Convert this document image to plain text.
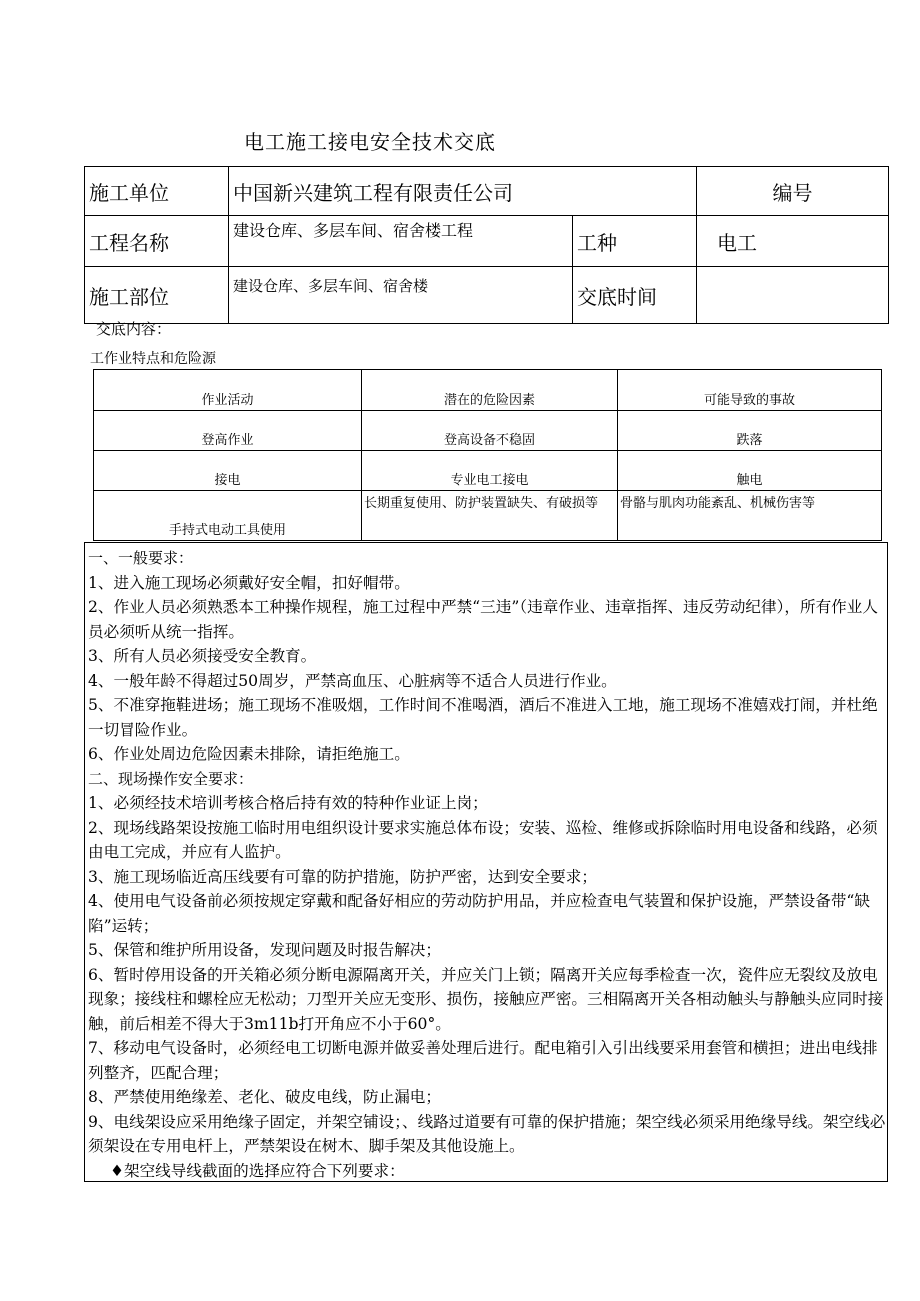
电工施工接电安全技术交底
施工单位	中国新兴建筑工程有限责任公司		编号
工程名称	建设仓库、多层车间、宿舍楼工程	工种	电工
施工部位	建设仓库、多层车间、宿舍楼	交底时间	
交底内容：
工作业特点和危险源
作业活动	潜在的危险因素	可能导致的事故
登高作业	登高设备不稳固	跌落
接电	专业电工接电	触电
手持式电动工具使用	长期重复使用、防护装置缺失、有破损等	骨骼与肌肉功能紊乱、机械伤害等

一、一般要求：

1、进入施工现场必须戴好安全帽，扣好帽带。

2、作业人员必须熟悉本工种操作规程，施工过程中严禁“三违”（违章作业、违章指挥、违反劳动纪律），所有作业人员必须听从统一指挥。

3、所有人员必须接受安全教育。

4、一般年龄不得超过50周岁，严禁高血压、心脏病等不适合人员进行作业。

5、不准穿拖鞋进场；施工现场不准吸烟，工作时间不准喝酒，酒后不准进入工地，施工现场不准嬉戏打闹，并杜绝一切冒险作业。

6、作业处周边危险因素未排除，请拒绝施工。

二、现场操作安全要求：

1、必须经技术培训考核合格后持有效的特种作业证上岗；

2、现场线路架设按施工临时用电组织设计要求实施总体布设；安装、巡检、维修或拆除临时用电设备和线路，必须由电工完成，并应有人监护。

3、施工现场临近高压线要有可靠的防护措施，防护严密，达到安全要求；

4、使用电气设备前必须按规定穿戴和配备好相应的劳动防护用品，并应检查电气装置和保护设施，严禁设备带“缺陷”运转；

5、保管和维护所用设备，发现问题及时报告解决；

6、暂时停用设备的开关箱必须分断电源隔离开关，并应关门上锁；隔离开关应每季检查一次，瓷件应无裂纹及放电现象；接线柱和螺栓应无松动；刀型开关应无变形、损伤，接触应严密。三相隔离开关各相动触头与静触头应同时接触，前后相差不得大于3m11b打开角应不小于60°。

7、移动电气设备时，必须经电工切断电源并做妥善处理后进行。配电箱引入引出线要采用套管和横担；进出电线排列整齐，匹配合理；

8、严禁使用绝缘差、老化、破皮电线，防止漏电；

9、电线架设应采用绝缘子固定，并架空铺设；、线路过道要有可靠的保护措施；架空线必须采用绝缘导线。架空线必须架设在专用电杆上，严禁架设在树木、脚手架及其他设施上。

♦架空线导线截面的选择应符合下列要求：
